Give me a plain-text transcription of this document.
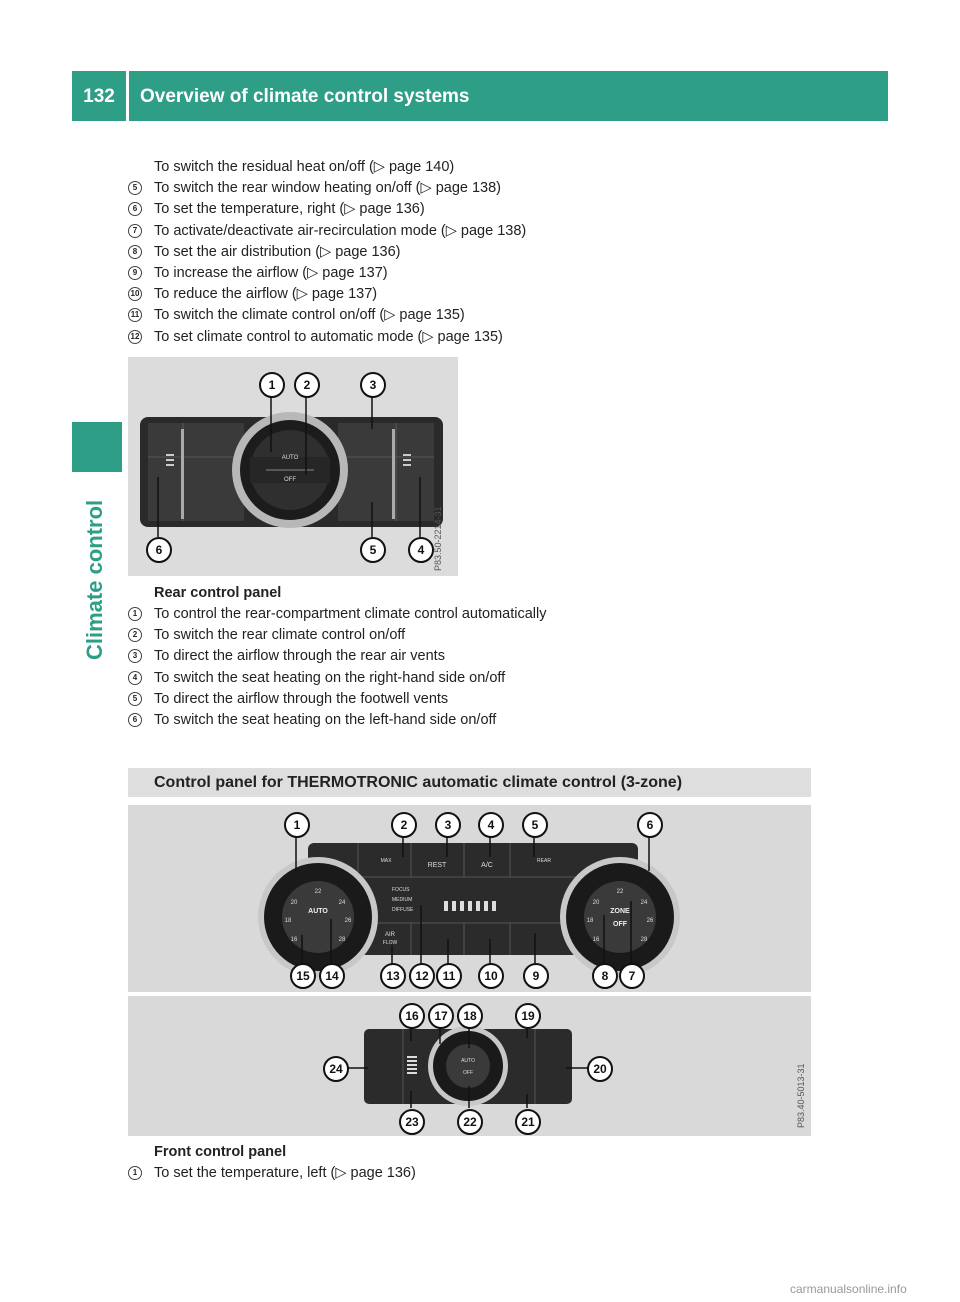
132	Overview of climate control systems
Climate control
To switch the residual heat on/off (▷ page 140)
5	To switch the rear window heating on/off (▷ page 138)
6	To set the temperature, right (▷ page 136)
7	To activate/deactivate air-recirculation mode (▷ page 138)
8	To set the air distribution (▷ page 136)
9	To increase the airflow (▷ page 137)
10 To reduce the airflow (▷ page 137)
11 To switch the climate control on/off (▷ page 135)
12 To set climate control to automatic mode (▷ page 135)
AUTO
OFF
1	2	3
4
5
6	P83.50-2214-31
Rear control panel
1	To control the rear-compartment climate control automatically
2	To switch the rear climate control on/off
3	To direct the airflow through the rear air vents
4	To switch the seat heating on the right-hand side on/off
5	To direct the airflow through the footwell vents
6	To switch the seat heating on the left-hand side on/off
Control panel for THERMOTRONIC automatic climate control (3-zone)
22
24
26
28
20
18
16
AUTO
22
24
26
28
20
18
16
ZONE
OFF
MAX
REST	A/C
REAR
FOCUS
MEDIUM
DIFFUSE
AIR
FLOW
1	2	3	4	5	6
7
8
9
10
11
12
13
14
15
AUTO
OFF
16	17	18	19
20
21
22
23
24	P83.40-5013-31
Front control panel
1	To set the temperature, left (▷ page 136)
carmanualsonline.info
